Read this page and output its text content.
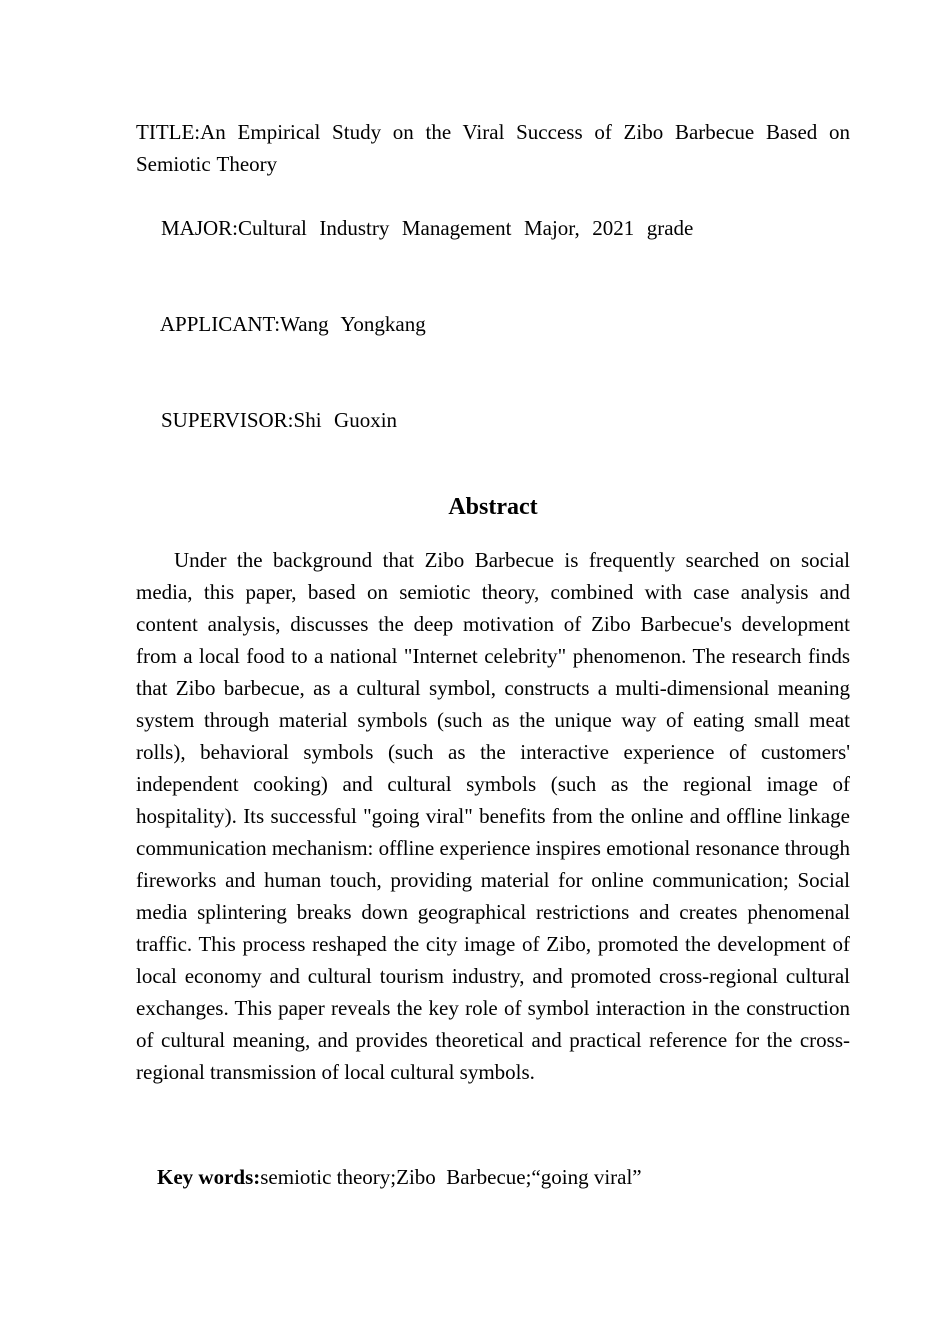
TITLE:An Empirical Study on the Viral Success of Zibo Barbecue Based on Semiotic Theory

MAJOR:Cultural  Industry  Management  Major,  2021  grade

APPLICANT:Wang  Yongkang

SUPERVISOR:Shi  Guoxin

Abstract

Under the background that Zibo Barbecue is frequently searched on social media, this paper, based on semiotic theory, combined with case analysis and content analysis, discusses the deep motivation of Zibo Barbecue's development from a local food to a national "Internet celebrity" phenomenon. The research finds that Zibo barbecue, as a cultural symbol, constructs a multi-dimensional meaning system through material symbols (such as the unique way of eating small meat rolls), behavioral symbols (such as the interactive experience of customers' independent cooking) and cultural symbols (such as the regional image of hospitality). Its successful "going viral" benefits from the online and offline linkage communication mechanism: offline experience inspires emotional resonance through fireworks and human touch, providing material for online communication; Social media splintering breaks down geographical restrictions and creates phenomenal traffic. This process reshaped the city image of Zibo, promoted the development of local economy and cultural tourism industry, and promoted cross-regional cultural exchanges. This paper reveals the key role of symbol interaction in the construction of cultural meaning, and provides theoretical and practical reference for the cross-regional transmission of local cultural symbols.

Key words:semiotic theory;Zibo  Barbecue;“going viral”
